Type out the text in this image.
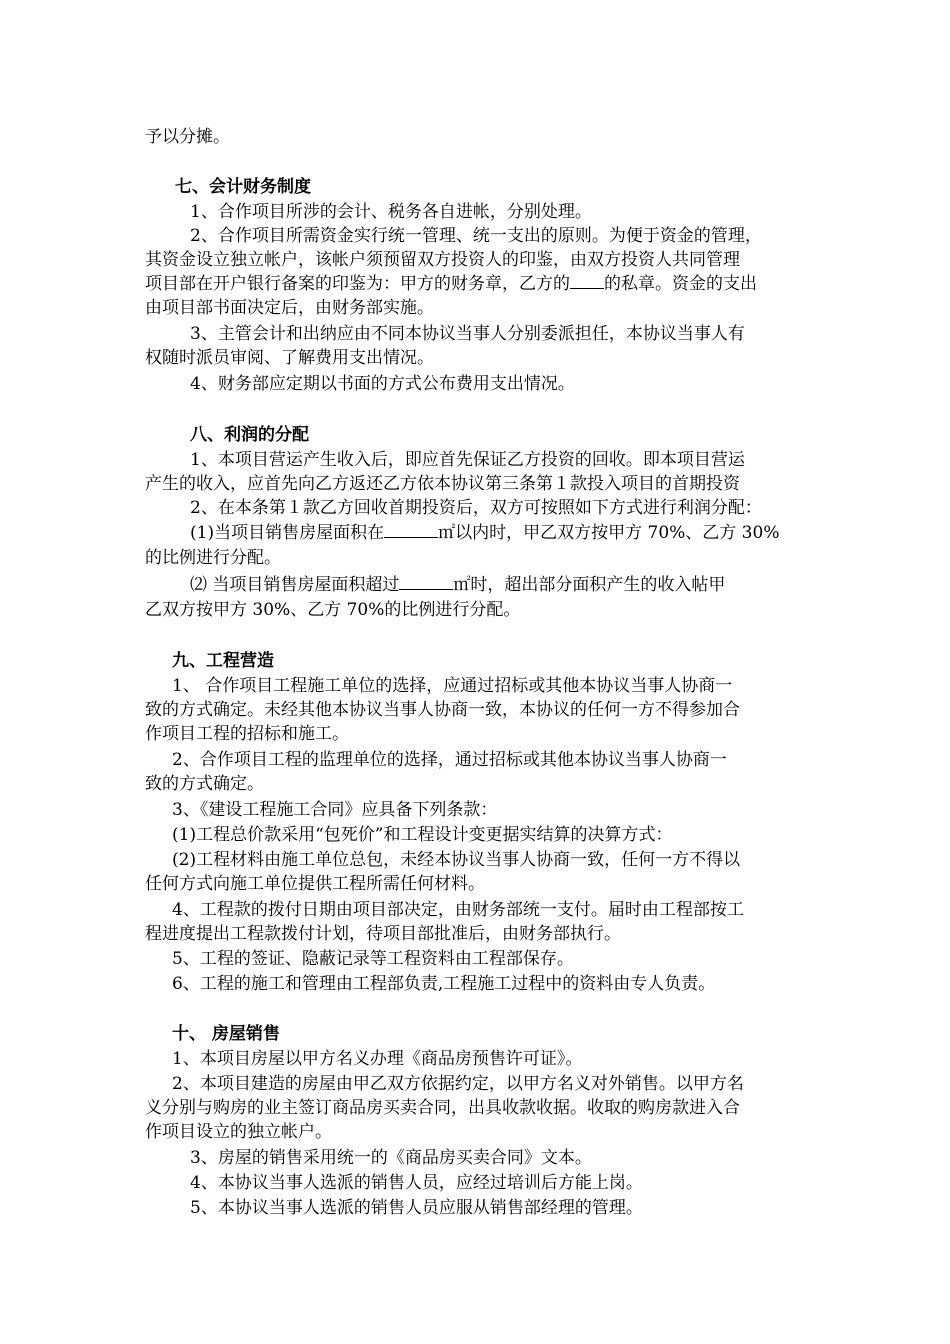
予以分摊。
七、会计财务制度
1、合作项目所涉的会计、税务各自进帐，分别处理。
2、合作项目所需资金实行统一管理、统一支出的原则。为便于资金的管理，
其资金设立独立帐户，该帐户须预留双方投资人的印鉴，由双方投资人共同管理
项目部在开户银行备案的印鉴为：甲方的财务章，乙方的 的私章。资金的支出
由项目部书面决定后，由财务部实施。
3、主管会计和出纳应由不同本协议当事人分别委派担任，本协议当事人有
权随时派员审阅、了解费用支出情况。
4、财务部应定期以书面的方式公布费用支出情况。
八、利润的分配
1、本项目营运产生收入后，即应首先保证乙方投资的回收。即本项目营运
产生的收入，应首先向乙方返还乙方依本协议第三条第１款投入项目的首期投资
2、在本条第１款乙方回收首期投资后，双方可按照如下方式进行利润分配：
(1)当项目销售房屋面积在	㎡以内时，甲乙双方按甲方 70%、乙方 30%
的比例进行分配。
⑵ 当项目销售房屋面积超过	㎡时，超出部分面积产生的收入帖甲
乙双方按甲方 30%、乙方 70%的比例进行分配。
九、工程营造
1、 合作项目工程施工单位的选择，应通过招标或其他本协议当事人协商一
致的方式确定。未经其他本协议当事人协商一致，本协议的任何一方不得参加合
作项目工程的招标和施工。
2、合作项目工程的监理单位的选择，通过招标或其他本协议当事人协商一
致的方式确定。
3、《建设工程施工合同》应具备下列条款：
(1)工程总价款采用“包死价”和工程设计变更据实结算的决算方式：
(2)工程材料由施工单位总包，未经本协议当事人协商一致，任何一方不得以
任何方式向施工单位提供工程所需任何材料。
4、工程款的拨付日期由项目部决定，由财务部统一支付。届时由工程部按工
程进度提出工程款拨付计划，待项目部批准后，由财务部执行。
5、工程的签证、隐蔽记录等工程资料由工程部保存。
6、工程的施工和管理由工程部负责,工程施工过程中的资料由专人负责。
十、 房屋销售
1、本项目房屋以甲方名义办理《商品房预售许可证》。
2、本项目建造的房屋由甲乙双方依据约定，以甲方名义对外销售。以甲方名
义分别与购房的业主签订商品房买卖合同，出具收款收据。收取的购房款进入合
作项目设立的独立帐户。
3、房屋的销售采用统一的《商品房买卖合同》文本。
4、本协议当事人选派的销售人员，应经过培训后方能上岗。
5、本协议当事人选派的销售人员应服从销售部经理的管理。
